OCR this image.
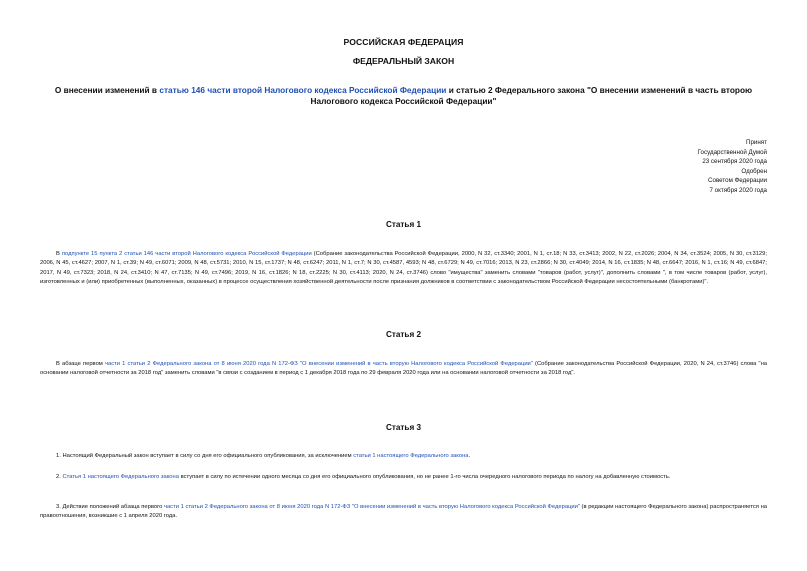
РОССИЙСКАЯ ФЕДЕРАЦИЯ
ФЕДЕРАЛЬНЫЙ ЗАКОН
О внесении изменений в статью 146 части второй Налогового кодекса Российской Федерации и статью 2 Федерального закона "О внесении изменений в часть второю Налогового кодекса Российской Федерации"
Принят
Государственной Думой
23 сентября 2020 года
Одобрен
Советом Федерации
7 октября 2020 года
Статья 1
В подпункте 15 пункта 2 статьи 146 части второй Налогового кодекса Российской Федерации (Собрание законодательства Российской Федерации, 2000, N 32, ст.3340; 2001, N 1, ст.18; N 33, ст.3413; 2002, N 22, ст.2026; 2004, N 34, ст.3524; 2005, N 30, ст.3129; 2006, N 45, ст.4627; 2007, N 1, ст.39; N 49, ст.6071; 2009, N 48, ст.5731; 2010, N 15, ст.1737; N 48, ст.6247; 2011, N 1, ст.7; N 30, ст.4587, 4593; N 48, ст.6729; N 49, ст.7016; 2013, N 23, ст.2866; N 30, ст.4049; 2014, N 16, ст.1835; N 48, ст.6647; 2016, N 1, ст.16; N 49, ст.6847; 2017, N 49, ст.7323; 2018, N 24, ст.3410; N 47, ст.7135; N 49, ст.7496; 2019, N 16, ст.1826; N 18, ст.2225; N 30, ст.4113; 2020, N 24, ст.3746) слово "имущества" заменить словами "товаров (работ, услуг)", дополнить словами ", в том числе товаров (работ, услуг), изготовленных и (или) приобретенных (выполненных, оказанных) в процессе осуществления хозяйственной деятельности после признания должников в соответствии с законодательством Российской Федерации несостоятельными (банкротами)".
Статья 2
В абзаце первом части 1 статьи 2 Федерального закона от 8 июня 2020 года N 172-ФЗ "О внесении изменений в часть вторую Налогового кодекса Российской Федерации" (Собрание законодательства Российской Федерации, 2020, N 24, ст.3746) слова "на основании налоговой отчетности за 2018 год" заменить словами "в связи с созданием в период с 1 декабря 2018 года по 29 февраля 2020 года или на основании налоговой отчетности за 2018 год".
Статья 3
1. Настоящий Федеральный закон вступает в силу со дня его официального опубликования, за исключением статьи 1 настоящего Федерального закона.
2. Статья 1 настоящего Федерального закона вступает в силу по истечении одного месяца со дня его официального опубликования, но не ранее 1-го числа очередного налогового периода по налогу на добавленную стоимость.
3. Действие положений абзаца первого части 1 статьи 2 Федерального закона от 8 июня 2020 года N 172-ФЗ "О внесении изменений в часть вторую Налогового кодекса Российской Федерации" (в редакции настоящего Федерального закона) распространяется на правоотношения, возникшие с 1 апреля 2020 года.
